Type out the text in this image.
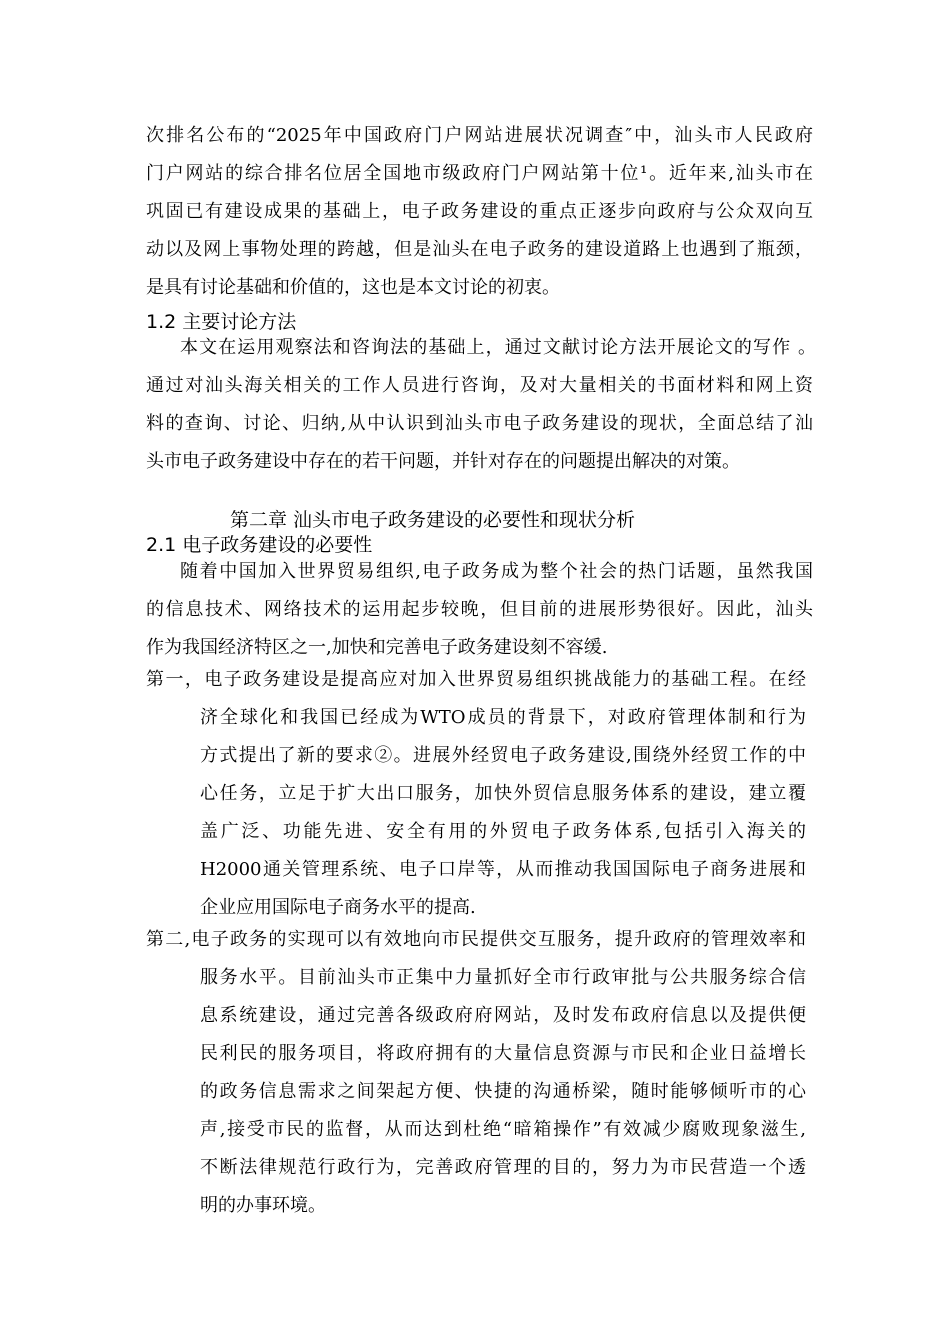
次排名公布的“2025年中国政府门户网站进展状况调查″中，汕头市人民政府
门户网站的综合排名位居全国地市级政府门户网站第十位¹。近年来,汕头市在
巩固已有建设成果的基础上，电子政务建设的重点正逐步向政府与公众双向互
动以及网上事物处理的跨越，但是汕头在电子政务的建设道路上也遇到了瓶颈，
是具有讨论基础和价值的，这也是本文讨论的初衷。
1.2 主要讨论方法
本文在运用观察法和咨询法的基础上，通过文献讨论方法开展论文的写作 。
通过对汕头海关相关的工作人员进行咨询，及对大量相关的书面材料和网上资
料的查询、讨论、归纳,从中认识到汕头市电子政务建设的现状，全面总结了汕
头市电子政务建设中存在的若干问题，并针对存在的问题提出解决的对策。
第二章 汕头市电子政务建设的必要性和现状分析
2.1 电子政务建设的必要性
随着中国加入世界贸易组织,电子政务成为整个社会的热门话题，虽然我国
的信息技术、网络技术的运用起步较晚，但目前的进展形势很好。因此，汕头
作为我国经济特区之一,加快和完善电子政务建设刻不容缓.
第一，电子政务建设是提高应对加入世界贸易组织挑战能力的基础工程。在经
济全球化和我国已经成为WTO成员的背景下，对政府管理体制和行为
方式提出了新的要求②。进展外经贸电子政务建设,围绕外经贸工作的中
心任务，立足于扩大出口服务，加快外贸信息服务体系的建设，建立覆
盖广泛、功能先进、安全有用的外贸电子政务体系,包括引入海关的
H2000通关管理系统、电子口岸等，从而推动我国国际电子商务进展和
企业应用国际电子商务水平的提高.
第二,电子政务的实现可以有效地向市民提供交互服务，提升政府的管理效率和
服务水平。目前汕头市正集中力量抓好全市行政审批与公共服务综合信
息系统建设，通过完善各级政府府网站，及时发布政府信息以及提供便
民利民的服务项目，将政府拥有的大量信息资源与市民和企业日益增长
的政务信息需求之间架起方便、快捷的沟通桥梁，随时能够倾听市的心
声,接受市民的监督，从而达到杜绝“暗箱操作”有效减少腐败现象滋生,
不断法律规范行政行为，完善政府管理的目的，努力为市民营造一个透
明的办事环境。
